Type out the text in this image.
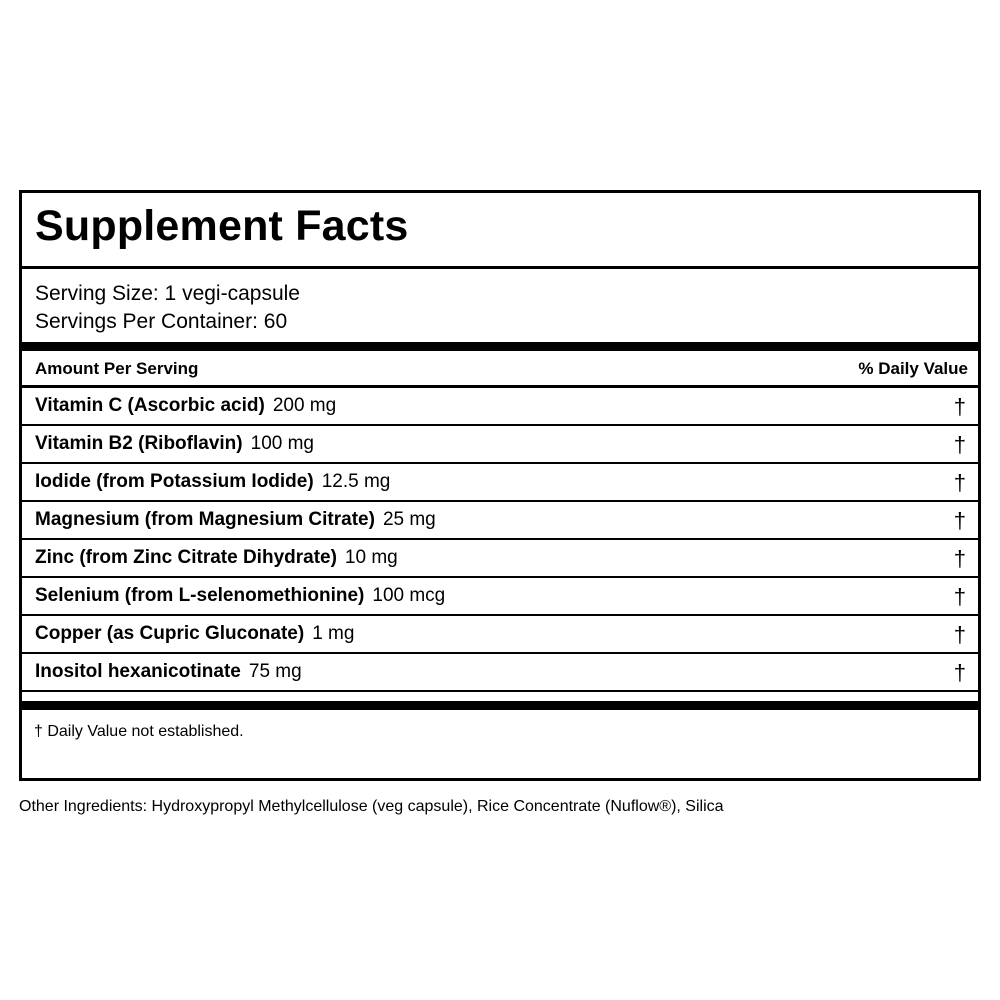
Supplement Facts
Serving Size: 1 vegi-capsule
Servings Per Container: 60
Amount Per Serving	% Daily Value
Vitamin C (Ascorbic acid) 200 mg	†
Vitamin B2 (Riboflavin) 100 mg	†
Iodide (from Potassium Iodide) 12.5 mg	†
Magnesium (from Magnesium Citrate) 25 mg	†
Zinc (from Zinc Citrate Dihydrate) 10 mg	†
Selenium (from L-selenomethionine) 100 mcg	†
Copper (as Cupric Gluconate) 1 mg	†
Inositol hexanicotinate 75 mg	†
† Daily Value not established.
Other Ingredients: Hydroxypropyl Methylcellulose (veg capsule), Rice Concentrate (Nuflow®), Silica
